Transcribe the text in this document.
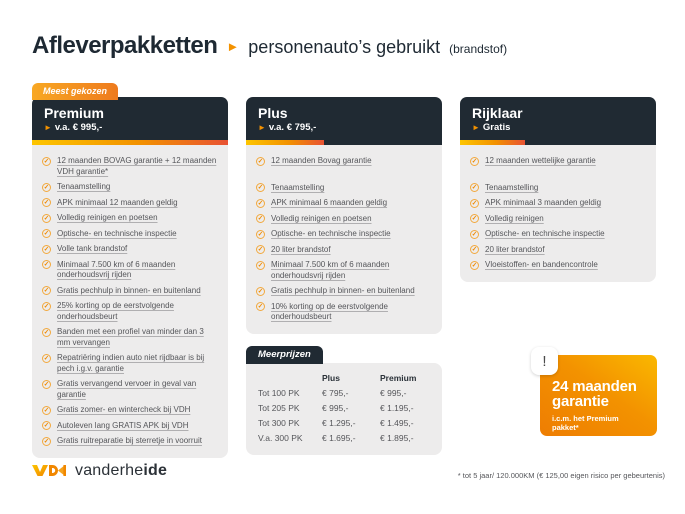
Afleverpakketten ► personenauto’s gebruikt (brandstof)
Meest gekozen
Premium
► v.a. € 995,-
✓ 12 maanden BOVAG garantie + 12 maanden VDH garantie*
✓ Tenaamstelling
✓ APK minimaal 12 maanden geldig
✓ Volledig reinigen en poetsen
✓ Optische- en technische inspectie
✓ Volle tank brandstof
✓ Minimaal 7.500 km of 6 maanden onderhoudsvrij rijden
✓ Gratis pechhulp in binnen- en buitenland
✓ 25% korting op de eerstvolgende onderhoudsbeurt
✓ Banden met een profiel van minder dan 3 mm vervangen
✓ Repatriëring indien auto niet rijdbaar is bij pech i.g.v. garantie
✓ Gratis vervangend vervoer in geval van garantie
✓ Gratis zomer- en wintercheck bij VDH
✓ Autoleven lang GRATIS APK bij VDH
✓ Gratis ruitreparatie bij sterretje in voorruit
Plus
► v.a. € 795,-
✓ 12 maanden Bovag garantie
✓ Tenaamstelling
✓ APK minimaal 6 maanden geldig
✓ Volledig reinigen en poetsen
✓ Optische- en technische inspectie
✓ 20 liter brandstof
✓ Minimaal 7.500 km of 6 maanden onderhoudsvrij rijden
✓ Gratis pechhulp in binnen- en buitenland
✓ 10% korting op de eerstvolgende onderhoudsbeurt
Rijklaar
► Gratis
✓ 12 maanden wettelijke garantie
✓ Tenaamstelling
✓ APK minimaal 3 maanden geldig
✓ Volledig reinigen
✓ Optische- en technische inspectie
✓ 20 liter brandstof
✓ Vloeistoffen- en bandencontrole
Meerprijzen
Plus	Premium
Tot 100 PK	€ 795,-	€ 995,-
Tot 205 PK	€ 995,-	€ 1.195,-
Tot 300 PK	€ 1.295,-	€ 1.495,-
V.a. 300 PK	€ 1.695,-	€ 1.895,-
!
24 maanden
garantie
i.c.m. het Premium pakket*
vanderheide	* tot 5 jaar/ 120.000KM (€ 125,00 eigen risico per gebeurtenis)
